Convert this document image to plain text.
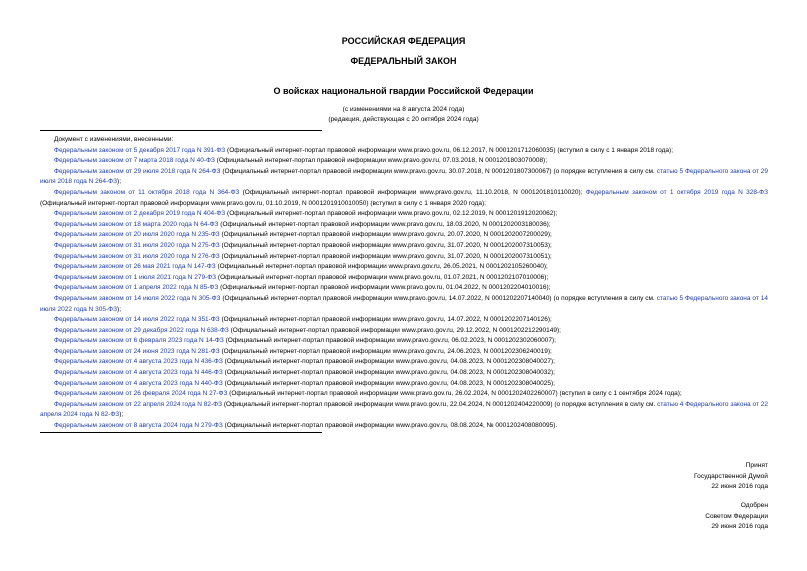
РОССИЙСКАЯ ФЕДЕРАЦИЯ
ФЕДЕРАЛЬНЫЙ ЗАКОН
О войсках национальной гвардии Российской Федерации
(с изменениями на 8 августа 2024 года)
(редакция, действующая с 20 октября 2024 года)

Документ с изменениями, внесенными:

Федеральным законом от 5 декабря 2017 года N 391-ФЗ (Официальный интернет-портал правовой информации www.pravo.gov.ru, 06.12.2017, N 0001201712060035) (вступил в силу с 1 января 2018 года);

Федеральным законом от 7 марта 2018 года N 40-ФЗ (Официальный интернет-портал правовой информации www.pravo.gov.ru, 07.03.2018, N 0001201803070008);

Федеральным законом от 29 июля 2018 года N 264-ФЗ (Официальный интернет-портал правовой информации www.pravo.gov.ru, 30.07.2018, N 0001201807300067) (о порядке вступления в силу см. статью 5 Федерального закона от 29 июля 2018 года N 264-ФЗ);

Федеральным законом от 11 октября 2018 года N 364-ФЗ (Официальный интернет-портал правовой информации www.pravo.gov.ru, 11.10.2018, N 0001201810110020); Федеральным законом от 1 октября 2019 года N 328-ФЗ (Официальный интернет-портал правовой информации www.pravo.gov.ru, 01.10.2019, N 0001201910010050) (вступил в силу с 1 января 2020 года);

Федеральным законом от 2 декабря 2019 года N 404-ФЗ (Официальный интернет-портал правовой информации www.pravo.gov.ru, 02.12.2019, N 0001201912020062);

Федеральным законом от 18 марта 2020 года N 64-ФЗ (Официальный интернет-портал правовой информации www.pravo.gov.ru, 18.03.2020, N 0001202003180036);

Федеральным законом от 20 июля 2020 года N 235-ФЗ (Официальный интернет-портал правовой информации www.pravo.gov.ru, 20.07.2020, N 0001202007200029);

Федеральным законом от 31 июля 2020 года N 275-ФЗ (Официальный интернет-портал правовой информации www.pravo.gov.ru, 31.07.2020, N 0001202007310053);

Федеральным законом от 31 июля 2020 года N 276-ФЗ (Официальный интернет-портал правовой информации www.pravo.gov.ru, 31.07.2020, N 0001202007310051);

Федеральным законом от 26 мая 2021 года N 147-ФЗ (Официальный интернет-портал правовой информации www.pravo.gov.ru, 26.05.2021, N 0001202105260040);

Федеральным законом от 1 июля 2021 года N 279-ФЗ (Официальный интернет-портал правовой информации www.pravo.gov.ru, 01.07.2021, N 0001202107010006);

Федеральным законом от 1 апреля 2022 года N 85-ФЗ (Официальный интернет-портал правовой информации www.pravo.gov.ru, 01.04.2022, N 0001202204010016);

Федеральным законом от 14 июля 2022 года N 305-ФЗ (Официальный интернет-портал правовой информации www.pravo.gov.ru, 14.07.2022, N 0001202207140040) (о порядке вступления в силу см. статью 5 Федерального закона от 14 июля 2022 года N 305-ФЗ);

Федеральным законом от 14 июля 2022 года N 351-ФЗ (Официальный интернет-портал правовой информации www.pravo.gov.ru, 14.07.2022, N 0001202207140126);

Федеральным законом от 29 декабря 2022 года N 638-ФЗ (Официальный интернет-портал правовой информации www.pravo.gov.ru, 29.12.2022, N 0001202212290149);

Федеральным законом от 6 февраля 2023 года N 14-ФЗ (Официальный интернет-портал правовой информации www.pravo.gov.ru, 06.02.2023, N 0001202302060007);

Федеральным законом от 24 июня 2023 года N 281-ФЗ (Официальный интернет-портал правовой информации www.pravo.gov.ru, 24.06.2023, N 0001202306240019);

Федеральным законом от 4 августа 2023 года N 436-ФЗ (Официальный интернет-портал правовой информации www.pravo.gov.ru, 04.08.2023, N 0001202308040027);

Федеральным законом от 4 августа 2023 года N 446-ФЗ (Официальный интернет-портал правовой информации www.pravo.gov.ru, 04.08.2023, N 0001202308040032);

Федеральным законом от 4 августа 2023 года N 440-ФЗ (Официальный интернет-портал правовой информации www.pravo.gov.ru, 04.08.2023, N 0001202308040025);

Федеральным законом от 26 февраля 2024 года N 27-ФЗ (Официальный интернет-портал правовой информации www.pravo.gov.ru, 26.02.2024, N 0001202402260007) (вступил в силу с 1 сентября 2024 года);

Федеральным законом от 22 апреля 2024 года N 82-ФЗ (Официальный интернет-портал правовой информации www.pravo.gov.ru, 22.04.2024, N 0001202404220009) (о порядке вступления в силу см. статью 4 Федерального закона от 22 апреля 2024 года N 82-ФЗ);

Федеральным законом от 8 августа 2024 года N 279-ФЗ (Официальный интернет-портал правовой информации www.pravo.gov.ru, 08.08.2024, № 0001202408080095).

Принят
Государственной Думой
22 июня 2016 года
Одобрен
Советом Федерации
29 июня 2016 года
